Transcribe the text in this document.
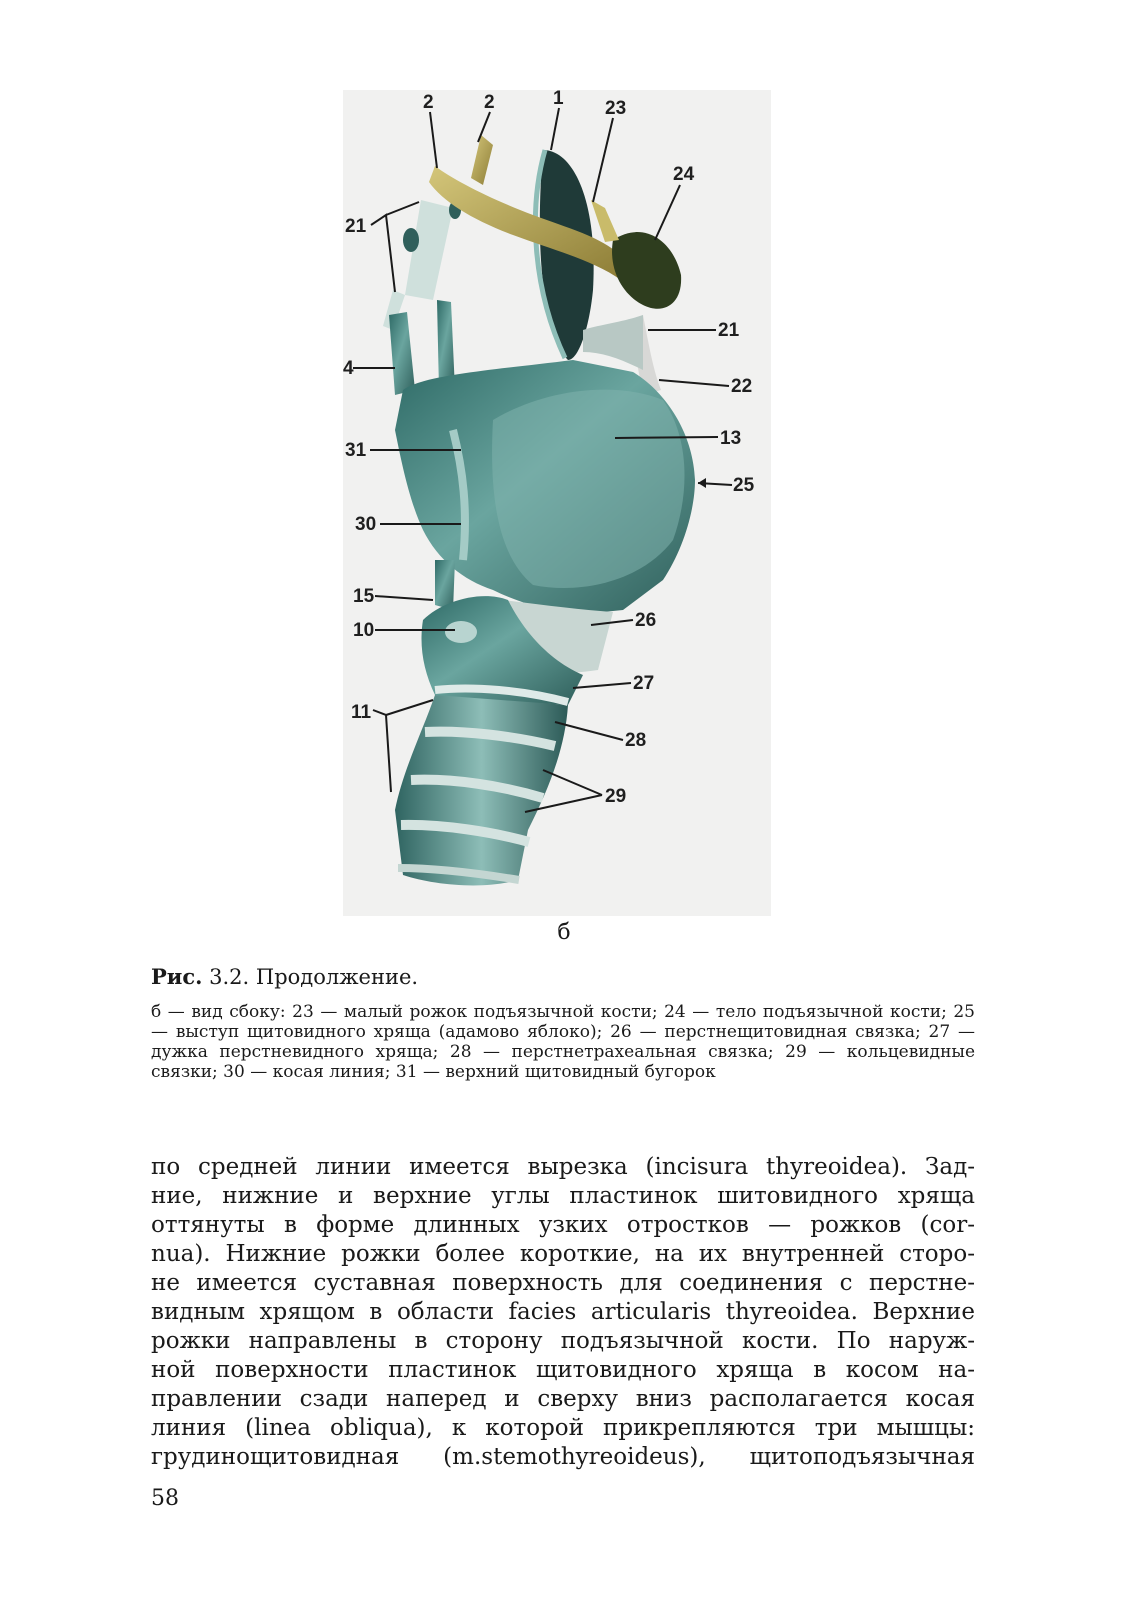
2	2	1 23
24
21
21
22
4
13
31
25
30
15
10	26
27
11
28
29
б
Рис. 3.2. Продолжение.
б — вид сбоку: 23 — малый рожок подъязычной кости; 24 — тело подъязычной кости; 25 — выступ щитовидного хряща (адамово яблоко); 26 — перстнещитовидная связка; 27 — дужка перстневидного хряща; 28 — перстнетрахеальная связка; 29 — кольцевидные связки; 30 — косая линия; 31 — верхний щитовидный бугорок
по средней линии имеется вырезка (incisura thyreoidea). Зад-
ние, нижние и верхние углы пластинок шитовидного хряща
оттянуты в форме длинных узких отростков — рожков (cor-
nua). Нижние рожки более короткие, на их внутренней сторо-
не имеется суставная поверхность для соединения с перстне-
видным хрящом в области facies articularis thyreoidea. Верхние
рожки направлены в сторону подъязычной кости. По наруж-
ной поверхности пластинок щитовидного хряща в косом на-
правлении сзади наперед и сверху вниз располагается косая
линия (linea obliqua), к которой прикрепляются три мышцы:
грудинощитовидная (m.stemothyreoideus), щитоподъязычная
58
